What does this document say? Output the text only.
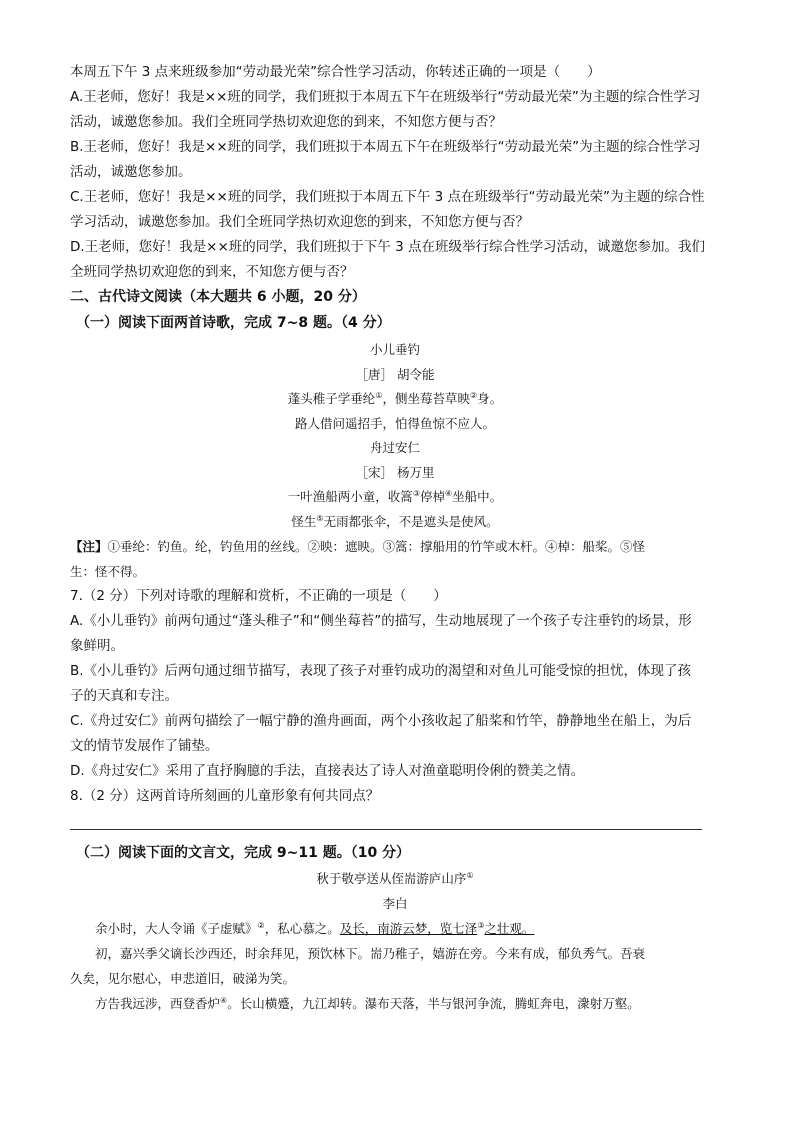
本周五下午 3 点来班级参加“劳动最光荣”综合性学习活动，你转述正确的一项是（　　）

A.王老师，您好！我是××班的同学，我们班拟于本周五下午在班级举行“劳动最光荣”为主题的综合性学习

活动，诚邀您参加。我们全班同学热切欢迎您的到来，不知您方便与否？

B.王老师，您好！我是××班的同学，我们班拟于本周五下午在班级举行“劳动最光荣”为主题的综合性学习

活动，诚邀您参加。

C.王老师，您好！我是××班的同学，我们班拟于本周五下午 3 点在班级举行“劳动最光荣”为主题的综合性

学习活动，诚邀您参加。我们全班同学热切欢迎您的到来，不知您方便与否？

D.王老师，您好！我是××班的同学，我们班拟于下午 3 点在班级举行综合性学习活动，诚邀您参加。我们

全班同学热切欢迎您的到来，不知您方便与否？

二、古代诗文阅读（本大题共 6 小题，20 分）

（一）阅读下面两首诗歌，完成 7~8 题。（4 分）

小儿垂钓

［唐］ 胡令能

蓬头稚子学垂纶①，侧坐莓苔草映②身。

路人借问遥招手，怕得鱼惊不应人。

舟过安仁

［宋］ 杨万里

一叶渔船两小童，收篙③停棹④坐船中。

怪生⑤无雨都张伞，不是遮头是使风。

【注】①垂纶：钓鱼。纶，钓鱼用的丝线。②映：遮映。③篙：撑船用的竹竿或木杆。④棹：船桨。⑤怪

生：怪不得。

7.（2 分）下列对诗歌的理解和赏析，不正确的一项是（　　）

A.《小儿垂钓》前两句通过“蓬头稚子”和“侧坐莓苔”的描写，生动地展现了一个孩子专注垂钓的场景，形

象鲜明。

B.《小儿垂钓》后两句通过细节描写，表现了孩子对垂钓成功的渴望和对鱼儿可能受惊的担忧，体现了孩

子的天真和专注。

C.《舟过安仁》前两句描绘了一幅宁静的渔舟画面，两个小孩收起了船桨和竹竿，静静地坐在船上，为后

文的情节发展作了铺垫。

D.《舟过安仁》采用了直抒胸臆的手法，直接表达了诗人对渔童聪明伶俐的赞美之情。

8.（2 分）这两首诗所刻画的儿童形象有何共同点？

（二）阅读下面的文言文，完成 9~11 题。（10 分）

秋于敬亭送从侄耑游庐山序①

李白

余小时，大人令诵《子虚赋》②，私心慕之。及长，南游云梦，览七泽③之壮观。

初，嘉兴季父谪长沙西还，时余拜见，预饮林下。耑乃稚子，嬉游在旁。今来有成，郁负秀气。吾衰

久矣，见尔慰心，申悲道旧，破涕为笑。

方告我远涉，西登香炉④。长山横蹙，九江却转。瀑布天落，半与银河争流，腾虹奔电，潨射万壑。
